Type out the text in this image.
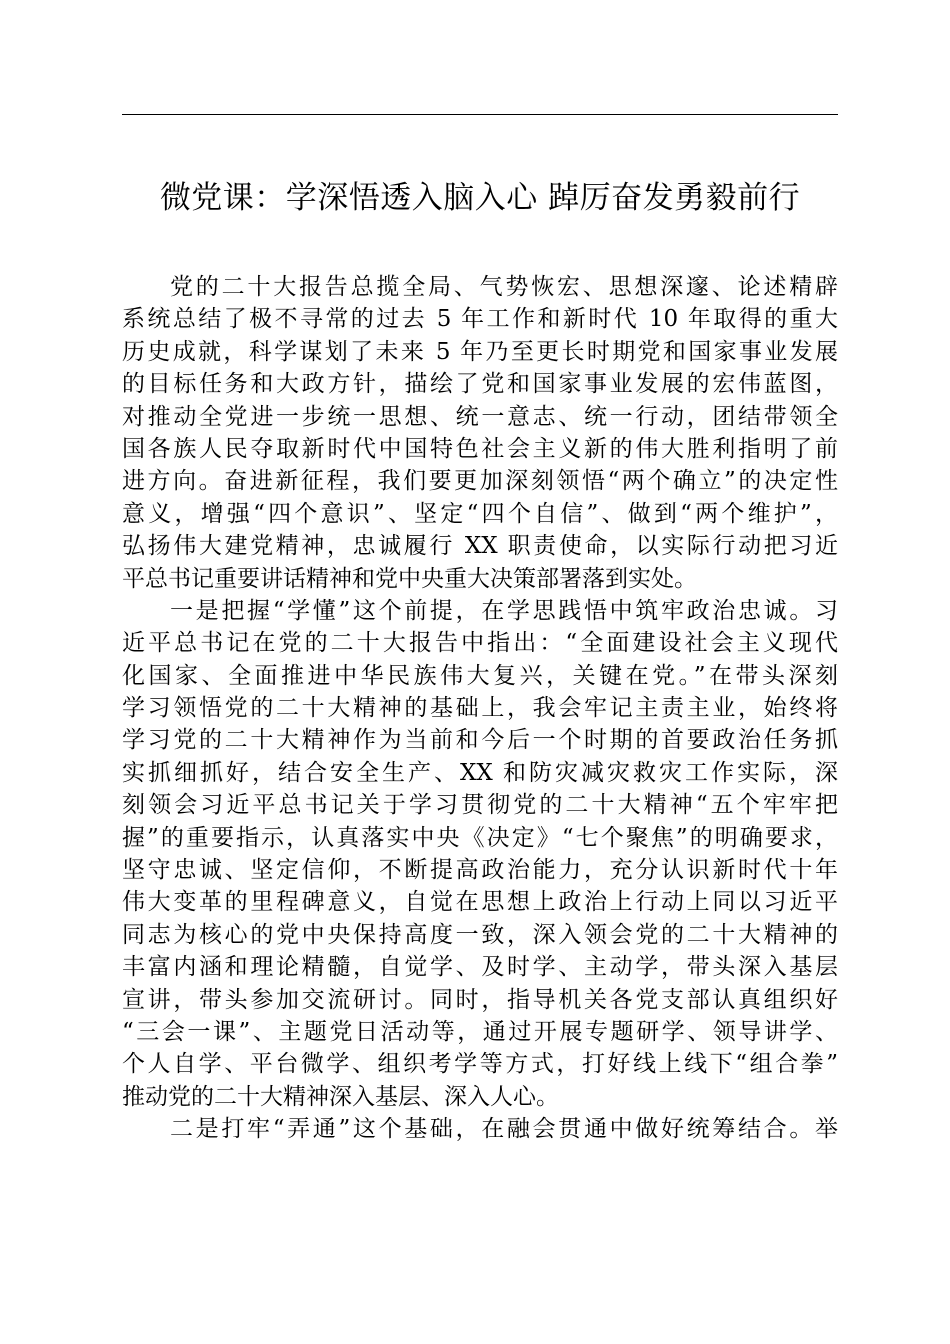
微党课：学深悟透入脑入心 踔厉奋发勇毅前行
党的二十大报告总揽全局、气势恢宏、思想深邃、论述精辟
系统总结了极不寻常的过去 5 年工作和新时代 10 年取得的重大
历史成就，科学谋划了未来 5 年乃至更长时期党和国家事业发展
的目标任务和大政方针，描绘了党和国家事业发展的宏伟蓝图，
对推动全党进一步统一思想、统一意志、统一行动，团结带领全
国各族人民夺取新时代中国特色社会主义新的伟大胜利指明了前
进方向。奋进新征程，我们要更加深刻领悟“两个确立”的决定性
意义，增强“四个意识”、坚定“四个自信”、做到“两个维护”，
弘扬伟大建党精神，忠诚履行 XX 职责使命，以实际行动把习近
平总书记重要讲话精神和党中央重大决策部署落到实处。
一是把握“学懂”这个前提，在学思践悟中筑牢政治忠诚。习
近平总书记在党的二十大报告中指出：“全面建设社会主义现代
化国家、全面推进中华民族伟大复兴，关键在党。”在带头深刻
学习领悟党的二十大精神的基础上，我会牢记主责主业，始终将
学习党的二十大精神作为当前和今后一个时期的首要政治任务抓
实抓细抓好，结合安全生产、XX 和防灾减灾救灾工作实际，深
刻领会习近平总书记关于学习贯彻党的二十大精神“五个牢牢把
握”的重要指示，认真落实中央《决定》“七个聚焦”的明确要求，
坚守忠诚、坚定信仰，不断提高政治能力，充分认识新时代十年
伟大变革的里程碑意义，自觉在思想上政治上行动上同以习近平
同志为核心的党中央保持高度一致，深入领会党的二十大精神的
丰富内涵和理论精髓，自觉学、及时学、主动学，带头深入基层
宣讲，带头参加交流研讨。同时，指导机关各党支部认真组织好
“三会一课”、主题党日活动等，通过开展专题研学、领导讲学、
个人自学、平台微学、组织考学等方式，打好线上线下“组合拳”
推动党的二十大精神深入基层、深入人心。
二是打牢“弄通”这个基础，在融会贯通中做好统筹结合。举
